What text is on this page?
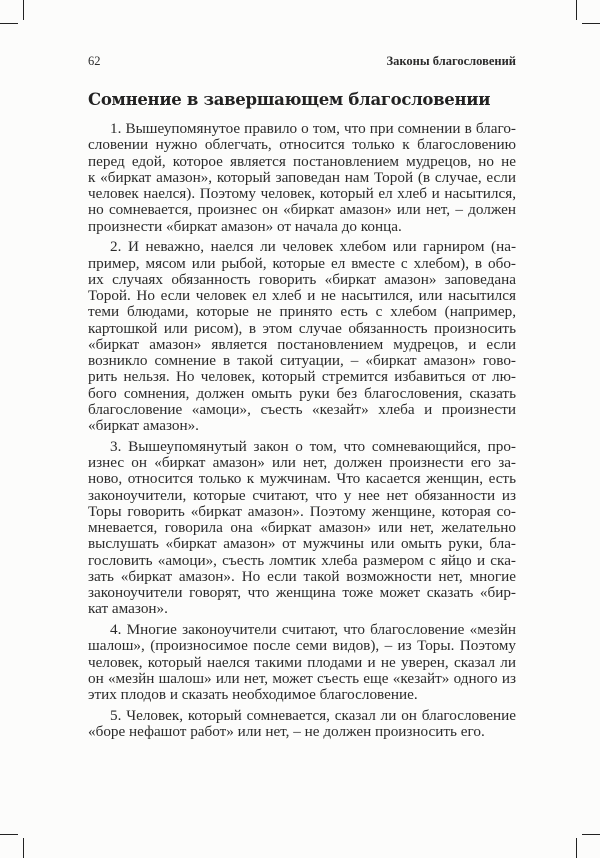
62	Законы благословений
Сомнение в завершающем благословении
1. Вышеупомянутое правило о том, что при сомнении в благо-
словении нужно облегчать, относится только к благословению
перед едой, которое является постановлением мудрецов, но не
к «биркат амазон», который заповедан нам Торой (в случае, если
человек наелся). Поэтому человек, который ел хлеб и насытился,
но сомневается, произнес он «биркат амазон» или нет, – должен
произнести «биркат амазон» от начала до конца.
2. И неважно, наелся ли человек хлебом или гарниром (на-
пример, мясом или рыбой, которые ел вместе с хлебом), в обо-
их случаях обязанность говорить «биркат амазон» заповедана
Торой. Но если человек ел хлеб и не насытился, или насытился
теми блюдами, которые не принято есть с хлебом (например,
картошкой или рисом), в этом случае обязанность произносить
«биркат амазон» является постановлением мудрецов, и если
возникло сомнение в такой ситуации, – «биркат амазон» гово-
рить нельзя. Но человек, который стремится избавиться от лю-
бого сомнения, должен омыть руки без благословения, сказать
благословение «амоци», съесть «кезайт» хлеба и произнести
«биркат амазон».
3. Вышеупомянутый закон о том, что сомневающийся, про-
изнес он «биркат амазон» или нет, должен произнести его за-
ново, относится только к мужчинам. Что касается женщин, есть
законоучители, которые считают, что у нее нет обязанности из
Торы говорить «биркат амазон». Поэтому женщине, которая со-
мневается, говорила она «биркат амазон» или нет, желательно
выслушать «биркат амазон» от мужчины или омыть руки, бла-
гословить «амоци», съесть ломтик хлеба размером с яйцо и ска-
зать «биркат амазон». Но если такой возможности нет, многие
законоучители говорят, что женщина тоже может сказать «бир-
кат амазон».
4. Многие законоучители считают, что благословение «мезйн
шалош», (произносимое после семи видов), – из Торы. Поэтому
человек, который наелся такими плодами и не уверен, сказал ли
он «мезйн шалош» или нет, может съесть еще «кезайт» одного из
этих плодов и сказать необходимое благословение.
5. Человек, который сомневается, сказал ли он благословение
«боре нефашот работ» или нет, – не должен произносить его.
